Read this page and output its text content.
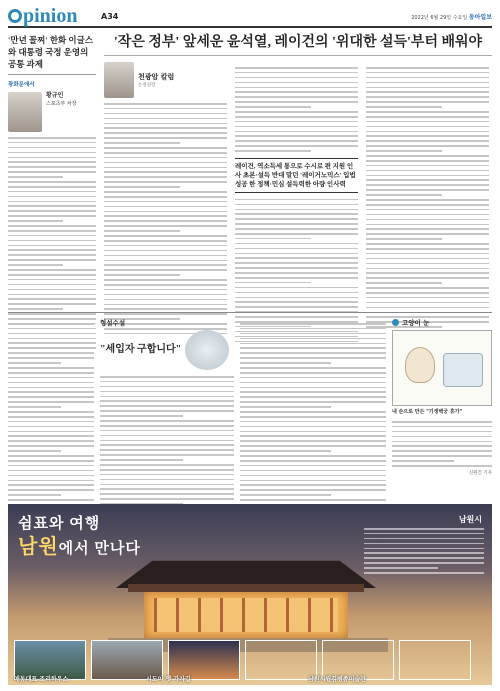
pinion	A34	2022년 6월 29일 수요일 동아일보
'만년 꼴찌' 한화 이글스와 대통령 국정 운영의 공통 과제
광화문에서
황규인
스포츠부 차장
'작은 정부' 앞세운 윤석열, 레이건의 '위대한 설득'부터 배워야
천광암 칼럼
논설실장
레이건, 역소득세 통으로 수시로 편 지원 인사 초본·설득 반대 말던 '레이거노믹스' 입법 성공 한 정책·민심 설득력한 아량 인사력
형설수설
"세입자 구합니다"
고양이 눈
내 손으로 만든 "기생벽궁 휴가"
신원건 기자
쉼표와 여행
남원에서 만나다
남원시
애동대표 조리하우스	시도이 옛 가자길	남원시립김병종미술관
